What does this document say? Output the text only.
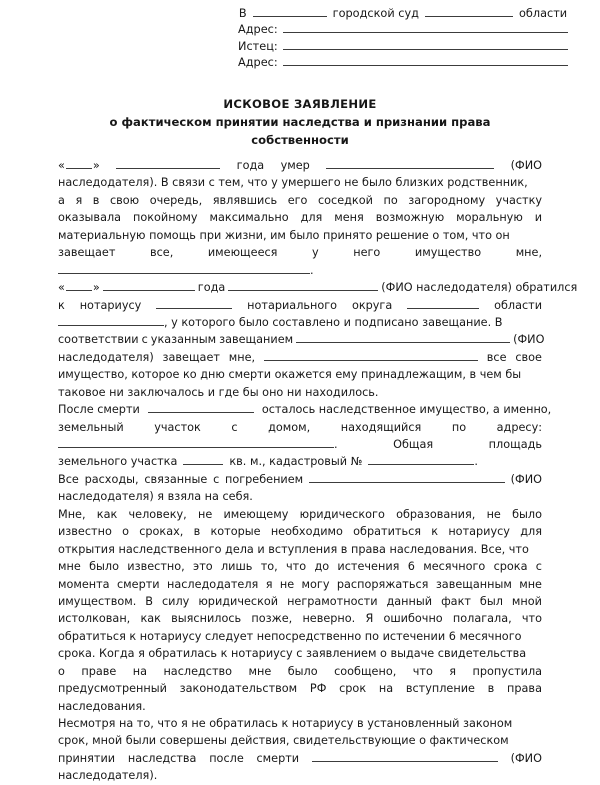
В	городской суд	области
Адрес:
Истец:
Адрес:
ИСКОВОЕ ЗАЯВЛЕНИЕ
о фактическом принятии наследства и признании права
собственности
« »	года умер	(ФИО
наследодателя). В связи с тем, что у умершего не было близких родственник,
а я в свою очередь, являвшись его соседкой по загородному участку
оказывала покойному максимально для меня возможную моральную и
материальную помощь при жизни, им было принято решение о том, что он
завещает	все,	имеющееся	у	него	имущество	мне,
.
« »	года	(ФИО наследодателя) обратился
к нотариусу	нотариального округа	области
, у которого было составлено и подписано завещание. В
соответствии с указанным завещанием	(ФИО
наследодателя) завещает мне,	все свое
имущество, которое ко дню смерти окажется ему принадлежащим, в чем бы
таковое ни заключалось и где бы оно ни находилось.
После смерти	осталось наследственное имущество, а именно,
земельный	участок	с	домом,	находящийся	по	адресу:
.	Общая	площадь
земельного участка	кв. м., кадастровый №	.
Все расходы, связанные с погребением	(ФИО
наследодателя) я взяла на себя.
Мне, как человеку, не имеющему юридического образования, не было
известно о сроках, в которые необходимо обратиться к нотариусу для
открытия наследственного дела и вступления в права наследования. Все, что
мне было известно, это лишь то, что до истечения 6 месячного срока с
момента смерти наследодателя я не могу распоряжаться завещанным мне
имуществом. В силу юридической неграмотности данный факт был мной
истолкован, как выяснилось позже, неверно. Я ошибочно полагала, что
обратиться к нотариусу следует непосредственно по истечении 6 месячного
срока. Когда я обратилась к нотариусу с заявлением о выдаче свидетельства
о праве на наследство мне было сообщено, что я пропустила
предусмотренный законодательством РФ срок на вступление в права
наследования.
Несмотря на то, что я не обратилась к нотариусу в установленный законом
срок, мной были совершены действия, свидетельствующие о фактическом
принятии наследства после смерти	(ФИО
наследодателя).
